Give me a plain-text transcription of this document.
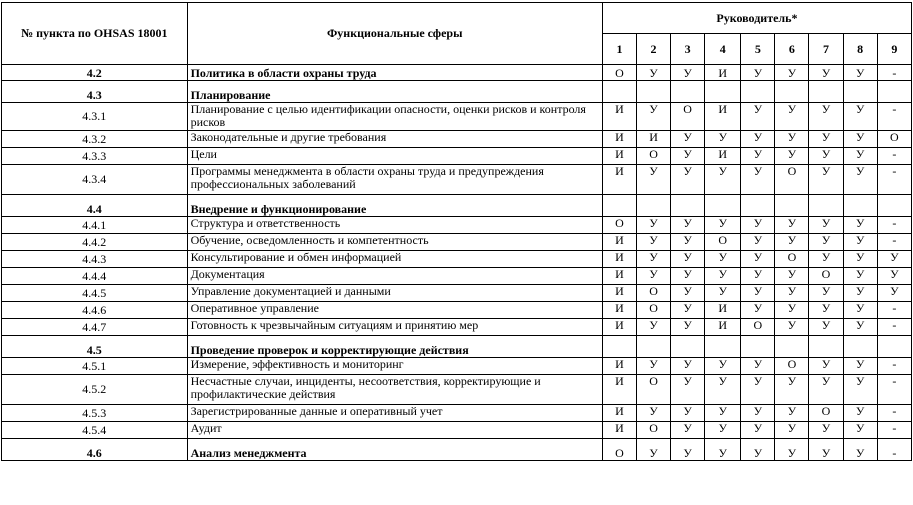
№ пункта по OHSAS 18001	Функциональные сферы	Руководитель*								
		1	2	3	4	5	6	7	8	9
4.2	Политика в области охраны труда	О	У	У	И	У	У	У	У	-
4.3	Планирование									
4.3.1	Планирование с целью идентификации опасности, оценки рисков и контроля рисков	И	У	О	И	У	У	У	У	-
4.3.2	Законодательные и другие требования	И	И	У	У	У	У	У	У	О
4.3.3	Цели	И	О	У	И	У	У	У	У	-
4.3.4	Программы менеджмента в области охраны труда и предупреждения профессиональных заболеваний	И	У	У	У	У	О	У	У	-
4.4	Внедрение и функционирование									
4.4.1	Структура и ответственность	О	У	У	У	У	У	У	У	-
4.4.2	Обучение, осведомленность и компетентность	И	У	У	О	У	У	У	У	-
4.4.3	Консультирование и обмен информацией	И	У	У	У	У	О	У	У	У
4.4.4	Документация	И	У	У	У	У	У	О	У	У
4.4.5	Управление документацией и данными	И	О	У	У	У	У	У	У	У
4.4.6	Оперативное управление	И	О	У	И	У	У	У	У	-
4.4.7	Готовность к чрезвычайным ситуациям и принятию мер	И	У	У	И	О	У	У	У	-
4.5	Проведение проверок и корректирующие действия									
4.5.1	Измерение, эффективность и мониторинг	И	У	У	У	У	О	У	У	-
4.5.2	Несчастные случаи, инциденты, несоответствия, корректирующие и профилактические действия	И	О	У	У	У	У	У	У	-
4.5.3	Зарегистрированные данные и оперативный учет	И	У	У	У	У	У	О	У	-
4.5.4	Аудит	И	О	У	У	У	У	У	У	-
4.6	Анализ менеджмента	О	У	У	У	У	У	У	У	-
